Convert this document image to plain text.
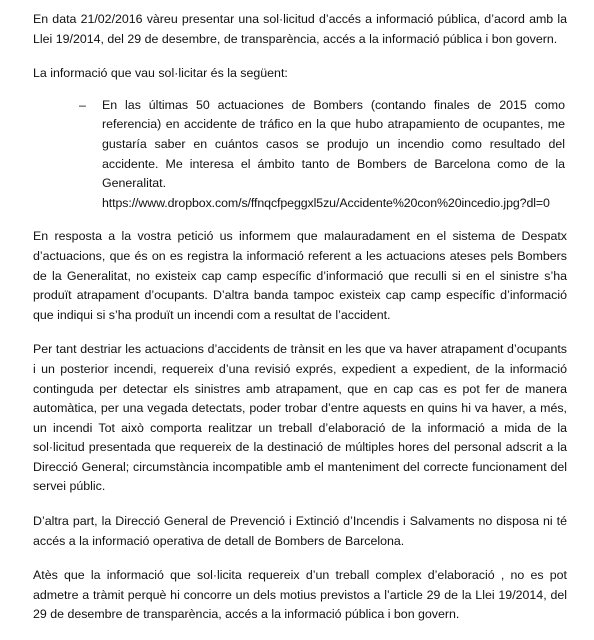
En data 21/02/2016 vàreu presentar una sol·licitud d’accés a informació pública, d’acord amb la Llei 19/2014, del 29 de desembre, de transparència, accés a la informació pública i bon govern.

La informació que vau sol·licitar és la següent:

–	En las últimas 50 actuaciones de Bombers (contando finales de 2015 como referencia) en accidente de tráfico en la que hubo atrapamiento de ocupantes, me gustaría saber en cuántos casos se produjo un incendio como resultado del accidente. Me interesa el ámbito tanto de Bombers de Barcelona como de la Generalitat.
https://www.dropbox.com/s/ffnqcfpeggxl5zu/Accidente%20con%20incedio.jpg?dl=0

En resposta a la vostra petició us informem que malauradament en el sistema de Despatx d’actuacions, que és on es registra la informació referent a les actuacions ateses pels Bombers de la Generalitat, no existeix cap camp específic d’informació que reculli si en el sinistre s’ha produït atrapament d’ocupants. D’altra banda tampoc existeix cap camp específic d’informació que indiqui si s’ha produït un incendi com a resultat de l’accident.

Per tant destriar les actuacions d’accidents de trànsit en les que va haver atrapament d’ocupants i un posterior incendi, requereix d’una revisió exprés, expedient a expedient, de la informació continguda per detectar els sinistres amb atrapament, que en cap cas es pot fer de manera automàtica, per una vegada detectats, poder trobar d’entre aquests en quins hi va haver, a més, un incendi Tot això comporta realitzar un treball d’elaboració de la informació a mida de la sol·licitud presentada que requereix de la destinació de múltiples hores del personal adscrit a la Direcció General; circumstància incompatible amb el manteniment del correcte funcionament del servei públic.

D’altra part, la Direcció General de Prevenció i Extinció d’Incendis i Salvaments no disposa ni té accés a la informació operativa de detall de Bombers de Barcelona.

Atès que la informació que sol·licita requereix d’un treball complex d’elaboració , no es pot admetre a tràmit perquè hi concorre un dels motius previstos a l’article 29 de la Llei 19/2014, del 29 de desembre de transparència, accés a la informació pública i bon govern.
